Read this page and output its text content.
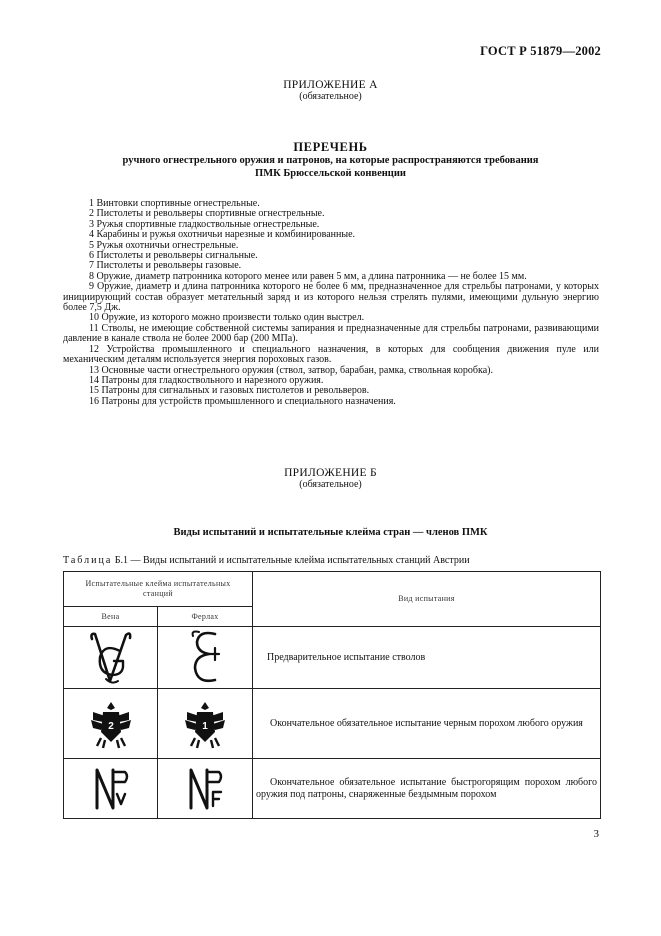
ГОСТ Р 51879—2002
ПРИЛОЖЕНИЕ А
(обязательное)
ПЕРЕЧЕНЬ
ручного огнестрельного оружия и патронов, на которые распространяются требования
ПМК Брюссельской конвенции

1 Винтовки спортивные огнестрельные.

2 Пистолеты и револьверы спортивные огнестрельные.

3 Ружья спортивные гладкоствольные огнестрельные.

4 Карабины и ружья охотничьи нарезные и комбинированные.

5 Ружья охотничьи огнестрельные.

6 Пистолеты и револьверы сигнальные.

7 Пистолеты и револьверы газовые.

8 Оружие, диаметр патронника которого менее или равен 5 мм, а длина патронника — не более 15 мм.

9 Оружие, диаметр и длина патронника которого не более 6 мм, предназначенное для стрельбы патронами, у которых инициирующий состав образует метательный заряд и из которого нельзя стрелять пулями, имеющими дульную энергию более 7,5 Дж.

10 Оружие, из которого можно произвести только один выстрел.

11 Стволы, не имеющие собственной системы запирания и предназначенные для стрельбы патронами, развивающими давление в канале ствола не более 2000 бар (200 МПа).

12 Устройства промышленного и специального назначения, в которых для сообщения движения пуле или механическим деталям используется энергия пороховых газов.

13 Основные части огнестрельного оружия (ствол, затвор, барабан, рамка, ствольная коробка).

14 Патроны для гладкоствольного и нарезного оружия.

15 Патроны для сигнальных и газовых пистолетов и револьверов.

16 Патроны для устройств промышленного и специального назначения.

ПРИЛОЖЕНИЕ Б
(обязательное)
Виды испытаний и испытательные клейма стран — членов ПМК
Таблица Б.1 — Виды испытаний и испытательные клейма испытательных станций Австрии
Испытательные клейма испытательных станций		Вид испытания
Вена	Ферлах	

Предварительное испытание стволов

2	1	Окончательное обязательное испытание черным порохом любого оружия

Окончательное обязательное испытание быстрогорящим порохом любого оружия под патроны, снаряженные бездымным порохом
3
